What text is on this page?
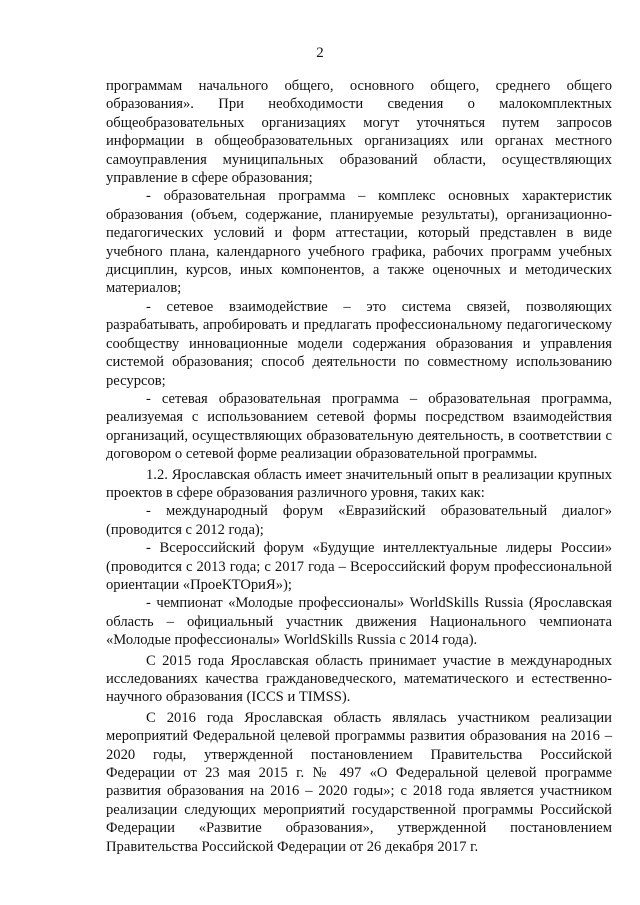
2

программам начального общего, основного общего, среднего общего образования». При необходимости сведения о малокомплектных общеобразовательных организациях могут уточняться путем запросов информации в общеобразовательных организациях или органах местного самоуправления муниципальных образований области, осуществляющих управление в сфере образования;

- образовательная программа – комплекс основных характеристик образования (объем, содержание, планируемые результаты), организационно-педагогических условий и форм аттестации, который представлен в виде учебного плана, календарного учебного графика, рабочих программ учебных дисциплин, курсов, иных компонентов, а также оценочных и методических материалов;

- сетевое взаимодействие – это система связей, позволяющих разрабатывать, апробировать и предлагать профессиональному педагогическому сообществу инновационные модели содержания образования и управления системой образования; способ деятельности по совместному использованию ресурсов;

- сетевая образовательная программа – образовательная программа, реализуемая с использованием сетевой формы посредством взаимодействия организаций, осуществляющих образовательную деятельность, в соответствии с договором о сетевой форме реализации образовательной программы.

1.2. Ярославская область имеет значительный опыт в реализации крупных проектов в сфере образования различного уровня, таких как:

- международный форум «Евразийский образовательный диалог» (проводится с 2012 года);

- Всероссийский форум «Будущие интеллектуальные лидеры России» (проводится с 2013 года; с 2017 года – Всероссийский форум профессиональной ориентации «ПроеКТОриЯ»);

- чемпионат «Молодые профессионалы» WorldSkills Russia (Ярославская область – официальный участник движения Национального чемпионата «Молодые профессионалы» WorldSkills Russia с 2014 года).

С 2015 года Ярославская область принимает участие в международных исследованиях качества граждановедческого, математического и естественно-научного образования (ICCS и TIMSS).

С 2016 года Ярославская область являлась участником реализации мероприятий Федеральной целевой программы развития образования на 2016 – 2020 годы, утвержденной постановлением Правительства Российской Федерации от 23 мая 2015 г. № 497 «О Федеральной целевой программе развития образования на 2016 – 2020 годы»; с 2018 года является участником реализации следующих мероприятий государственной программы Российской Федерации «Развитие образования», утвержденной постановлением Правительства Российской Федерации от 26 декабря 2017 г.
